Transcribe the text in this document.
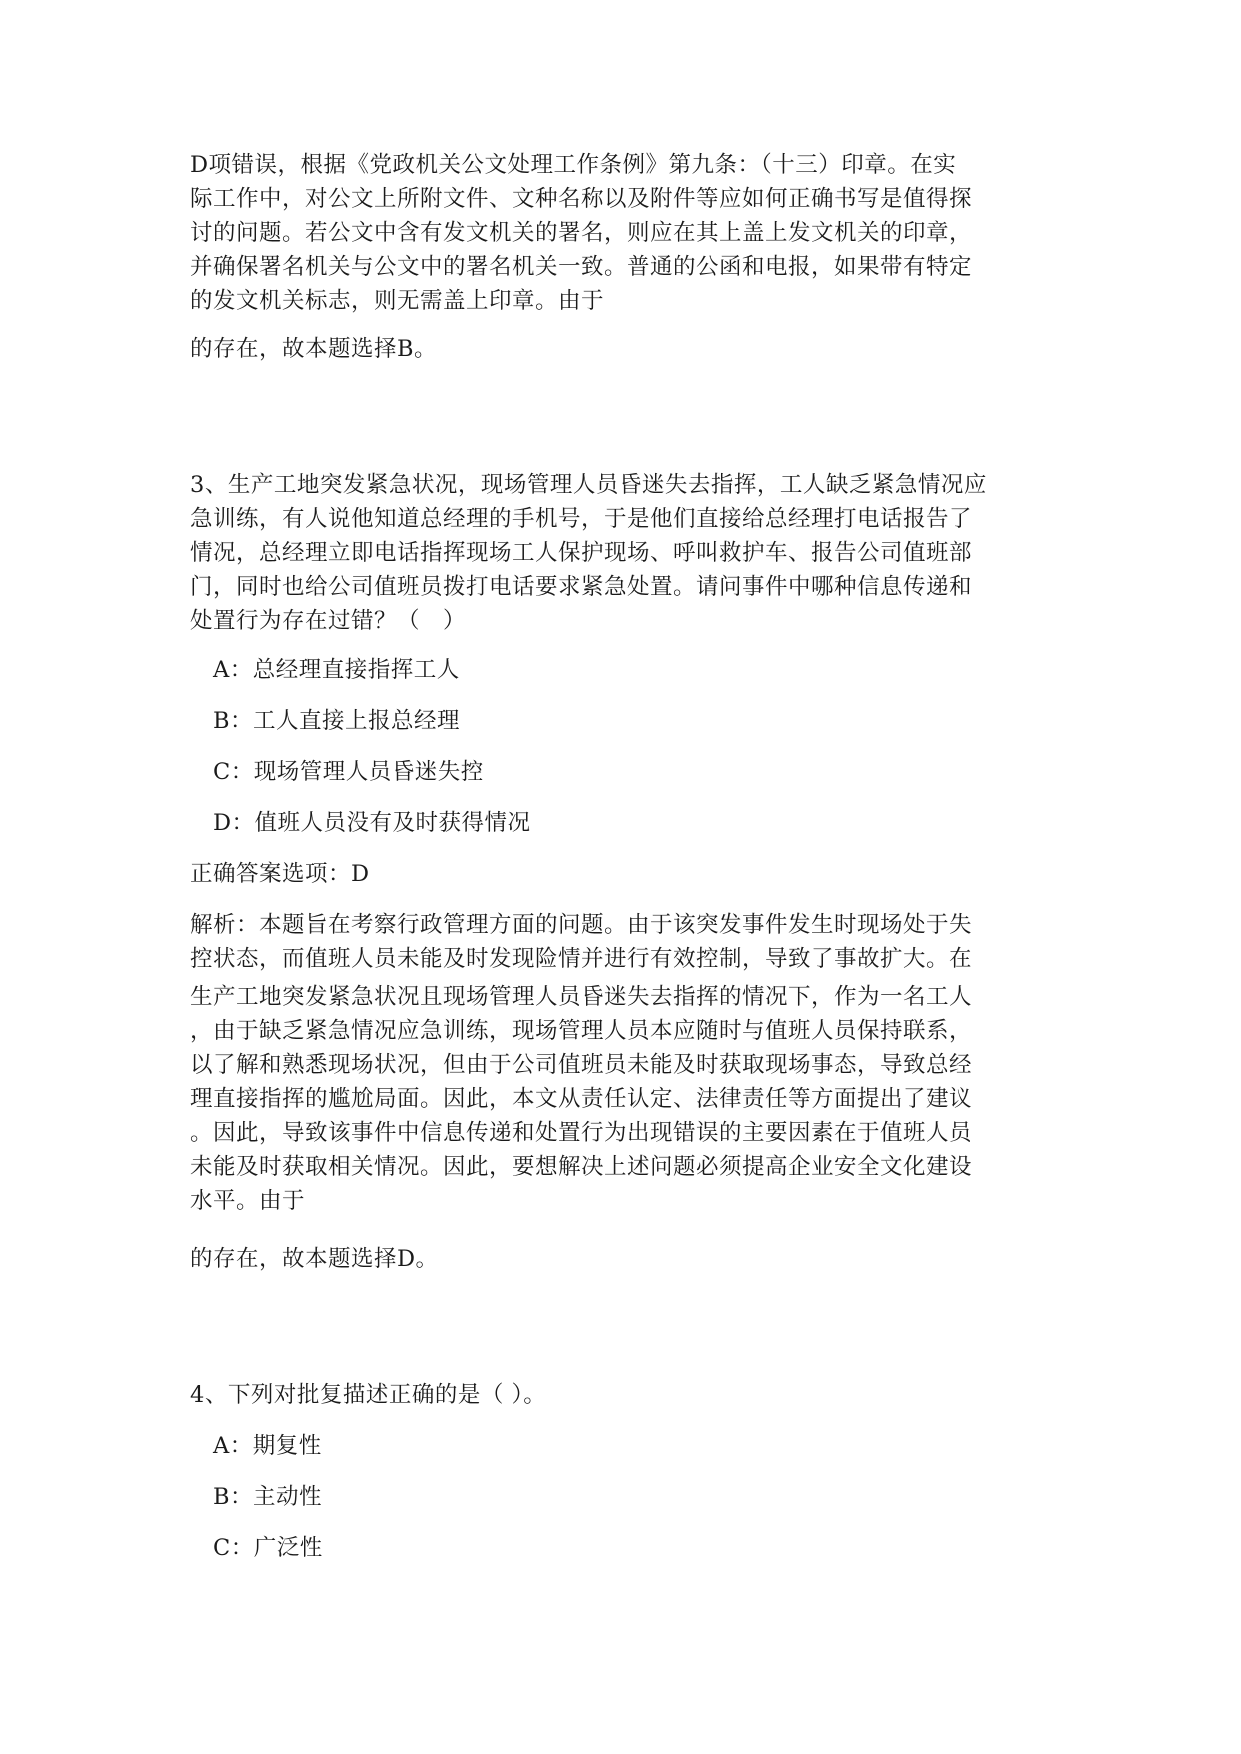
D项错误，根据《党政机关公文处理工作条例》第九条：（十三）印章。在实

际工作中，对公文上所附文件、文种名称以及附件等应如何正确书写是值得探

讨的问题。若公文中含有发文机关的署名，则应在其上盖上发文机关的印章，

并确保署名机关与公文中的署名机关一致。普通的公函和电报，如果带有特定

的发文机关标志，则无需盖上印章。由于

的存在，故本题选择B。

3、生产工地突发紧急状况，现场管理人员昏迷失去指挥，工人缺乏紧急情况应

急训练，有人说他知道总经理的手机号，于是他们直接给总经理打电话报告了

情况，总经理立即电话指挥现场工人保护现场、呼叫救护车、报告公司值班部

门，同时也给公司值班员拨打电话要求紧急处置。请问事件中哪种信息传递和

处置行为存在过错？（　）

A：总经理直接指挥工人

B：工人直接上报总经理

C：现场管理人员昏迷失控

D：值班人员没有及时获得情况

正确答案选项：D

解析：本题旨在考察行政管理方面的问题。由于该突发事件发生时现场处于失

控状态，而值班人员未能及时发现险情并进行有效控制，导致了事故扩大。在

生产工地突发紧急状况且现场管理人员昏迷失去指挥的情况下，作为一名工人

，由于缺乏紧急情况应急训练，现场管理人员本应随时与值班人员保持联系，

以了解和熟悉现场状况，但由于公司值班员未能及时获取现场事态，导致总经

理直接指挥的尴尬局面。因此，本文从责任认定、法律责任等方面提出了建议

。因此，导致该事件中信息传递和处置行为出现错误的主要因素在于值班人员

未能及时获取相关情况。因此，要想解决上述问题必须提高企业安全文化建设

水平。由于

的存在，故本题选择D。

4、下列对批复描述正确的是（ ）。

A：期复性

B：主动性

C：广泛性
